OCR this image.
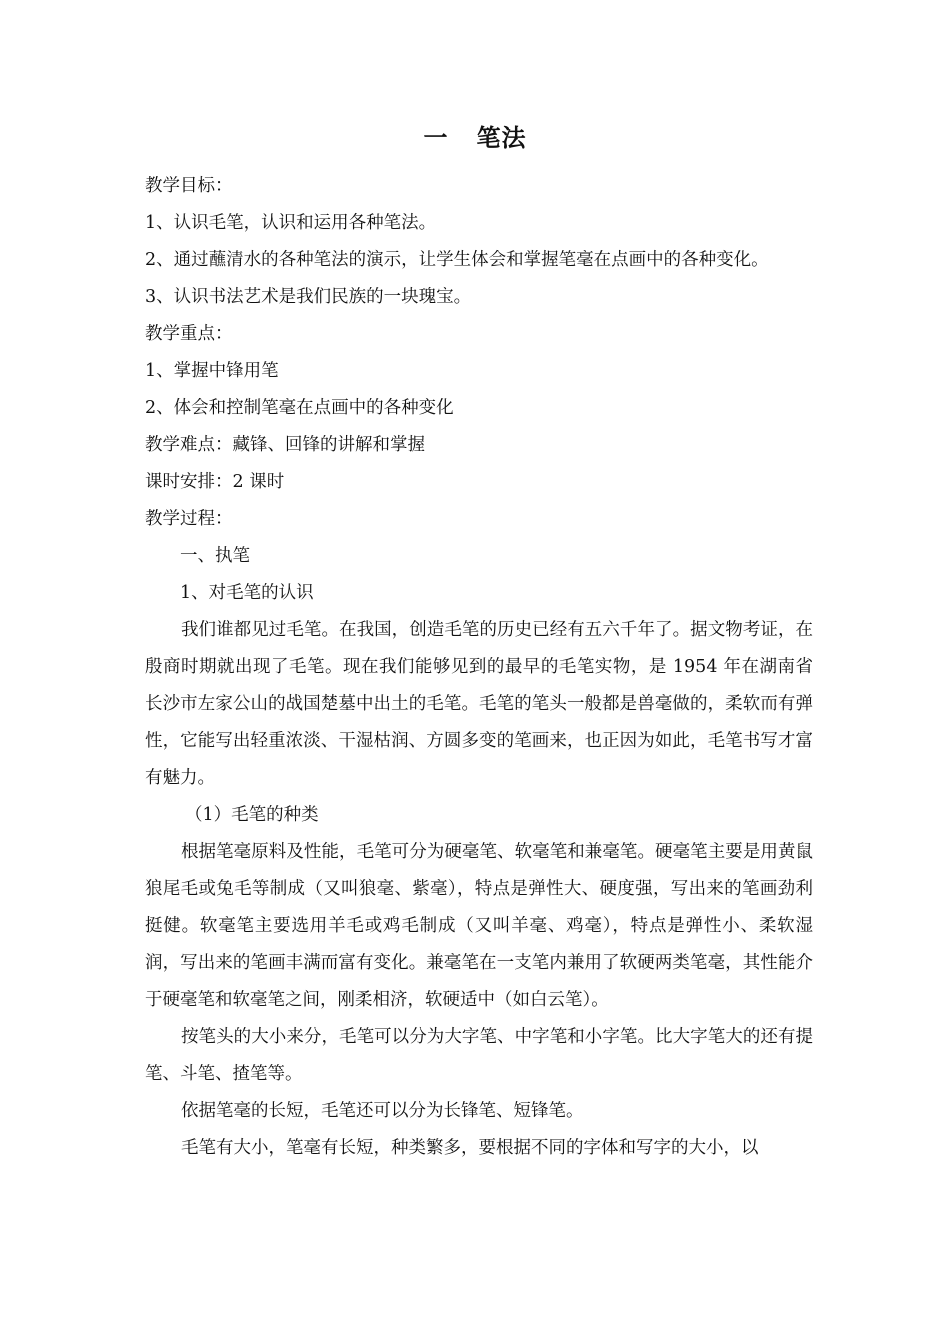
一 笔法
教学目标：
1、认识毛笔，认识和运用各种笔法。
2、通过蘸清水的各种笔法的演示，让学生体会和掌握笔毫在点画中的各种变化。
3、认识书法艺术是我们民族的一块瑰宝。
教学重点：
1、掌握中锋用笔
2、体会和控制笔毫在点画中的各种变化
教学难点：藏锋、回锋的讲解和掌握
课时安排：2 课时
教学过程：
一、执笔
1、对毛笔的认识

我们谁都见过毛笔。在我国，创造毛笔的历史已经有五六千年了。据文物考证，在殷商时期就出现了毛笔。现在我们能够见到的最早的毛笔实物，是 1954 年在湖南省长沙市左家公山的战国楚墓中出土的毛笔。毛笔的笔头一般都是兽毫做的，柔软而有弹性，它能写出轻重浓淡、干湿枯润、方圆多变的笔画来，也正因为如此，毛笔书写才富有魅力。

（1）毛笔的种类

根据笔毫原料及性能，毛笔可分为硬毫笔、软毫笔和兼毫笔。硬毫笔主要是用黄鼠狼尾毛或兔毛等制成（又叫狼毫、紫毫），特点是弹性大、硬度强，写出来的笔画劲利挺健。软毫笔主要选用羊毛或鸡毛制成（又叫羊毫、鸡毫），特点是弹性小、柔软湿润，写出来的笔画丰满而富有变化。兼毫笔在一支笔内兼用了软硬两类笔毫，其性能介于硬毫笔和软毫笔之间，刚柔相济，软硬适中（如白云笔）。

按笔头的大小来分，毛笔可以分为大字笔、中字笔和小字笔。比大字笔大的还有提笔、斗笔、揸笔等。

依据笔毫的长短，毛笔还可以分为长锋笔、短锋笔。

毛笔有大小，笔毫有长短，种类繁多，要根据不同的字体和写字的大小，以
